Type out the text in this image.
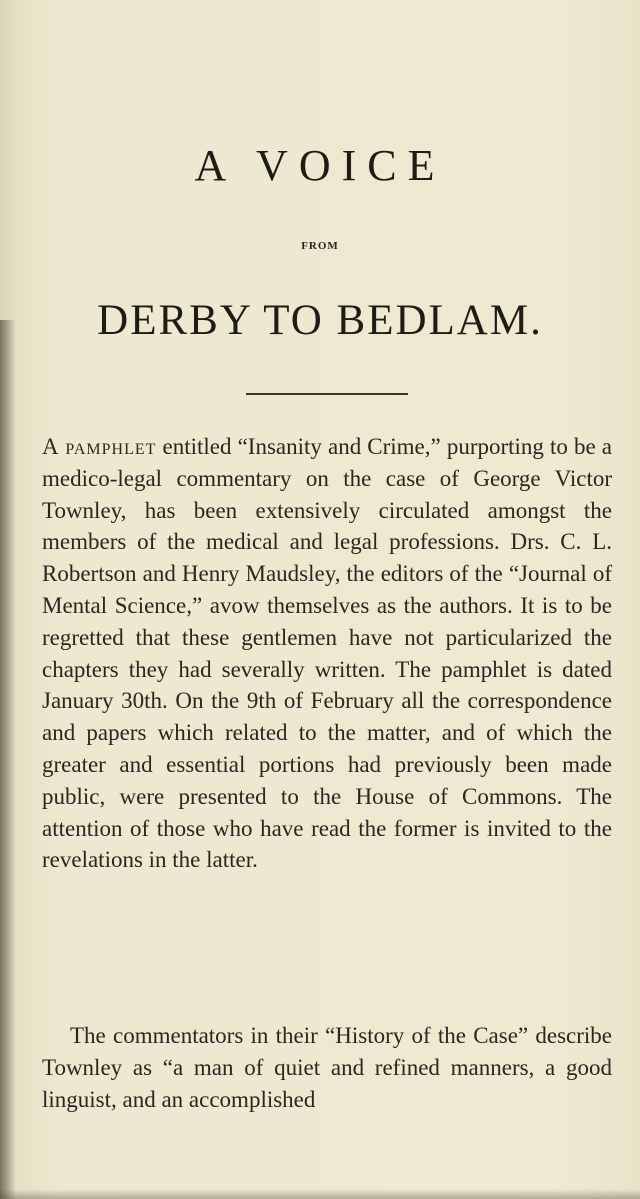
A VOICE
FROM
DERBY TO BEDLAM.

A pamphlet entitled “Insanity and Crime,” purporting to be a medico-legal commentary on the case of George Victor Townley, has been extensively circulated amongst the members of the medical and legal professions. Drs. C. L. Robertson and Henry Maudsley, the editors of the “Journal of Mental Science,” avow themselves as the authors. It is to be regretted that these gentlemen have not particularized the chapters they had severally written. The pamphlet is dated January 30th. On the 9th of February all the correspondence and papers which related to the matter, and of which the greater and essential portions had previously been made public, were presented to the House of Commons. The attention of those who have read the former is invited to the revelations in the latter.

The commentators in their “History of the Case” describe Townley as “a man of quiet and refined manners, a good linguist, and an accomplished
